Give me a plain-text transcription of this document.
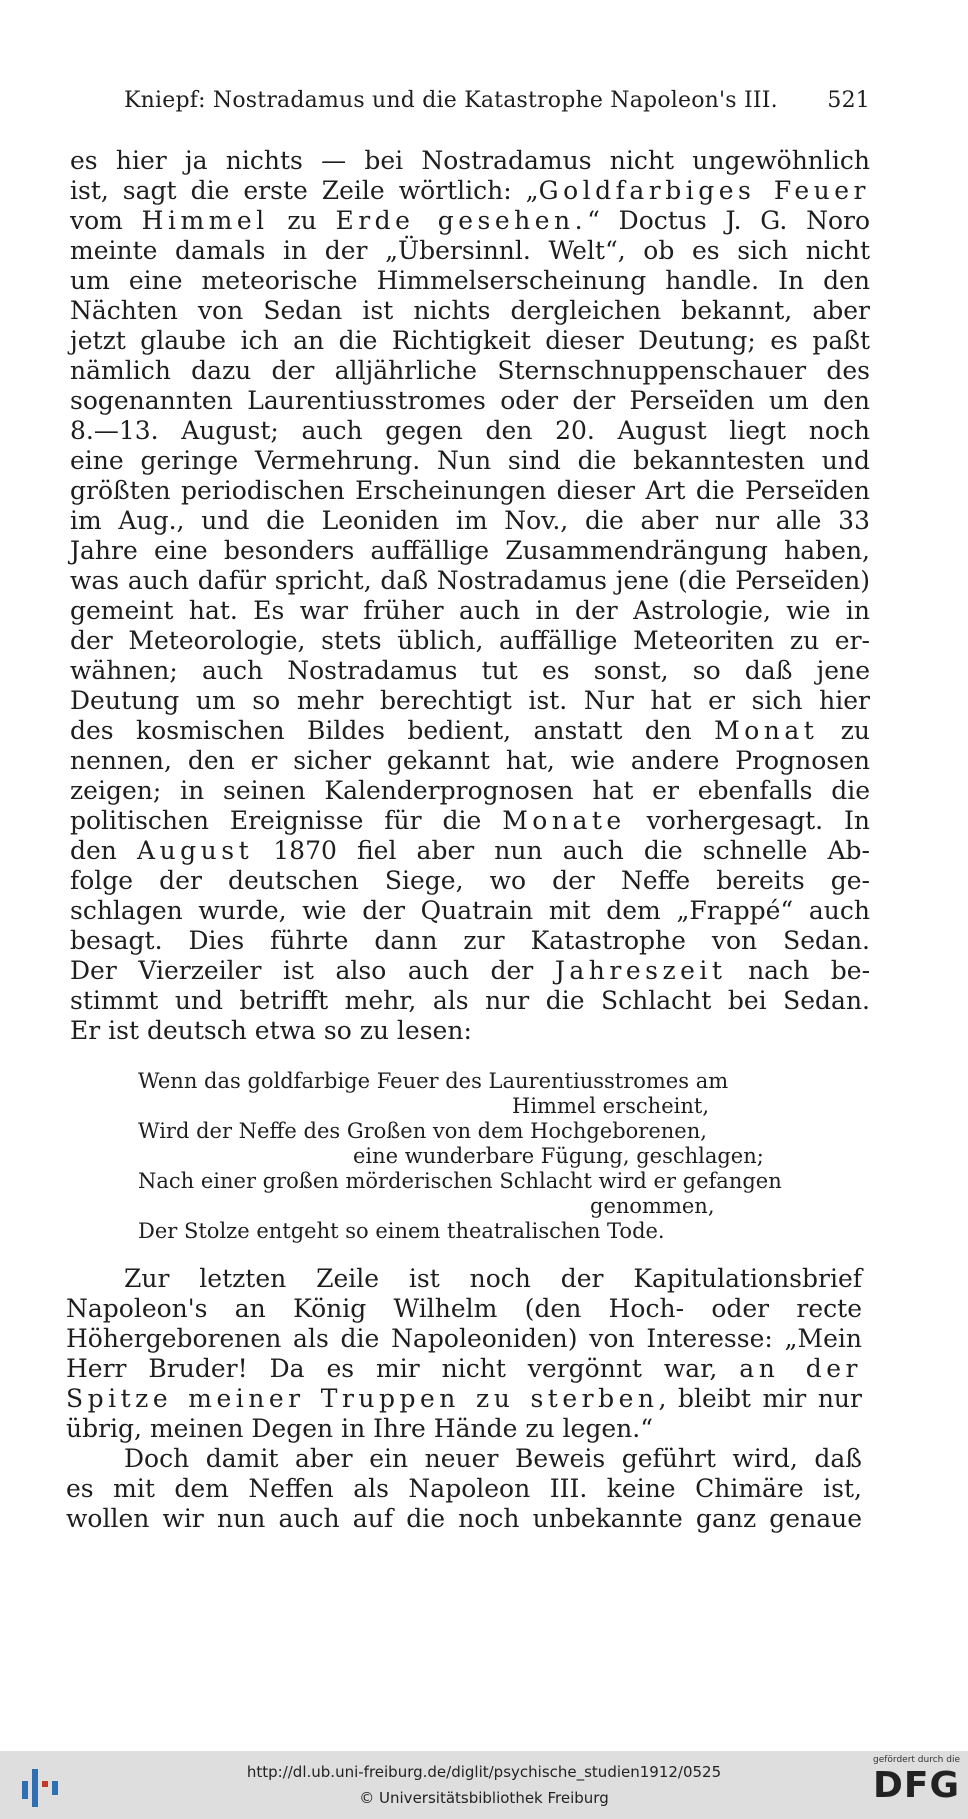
Kniepf: Nostradamus und die Katastrophe Napoleon's III. 521
es hier ja nichts — bei Nostradamus nicht ungewöhnlich
ist, sagt die erste Zeile wörtlich: „Goldfarbiges Feuer
vom Himmel zu Erde gesehen.“ Doctus J. G. Noro
meinte damals in der „Übersinnl. Welt“, ob es sich nicht
um eine meteorische Himmelserscheinung handle. In den
Nächten von Sedan ist nichts dergleichen bekannt, aber
jetzt glaube ich an die Richtigkeit dieser Deutung; es paßt
nämlich dazu der alljährliche Sternschnuppenschauer des
sogenannten Laurentiusstromes oder der Perseïden um den
8.—13. August; auch gegen den 20. August liegt noch
eine geringe Vermehrung. Nun sind die bekanntesten und
größten periodischen Erscheinungen dieser Art die Perseïden
im Aug., und die Leoniden im Nov., die aber nur alle 33
Jahre eine besonders auffällige Zusammendrängung haben,
was auch dafür spricht, daß Nostradamus jene (die Perseïden)
gemeint hat. Es war früher auch in der Astrologie, wie in
der Meteorologie, stets üblich, auffällige Meteoriten zu er-
wähnen; auch Nostradamus tut es sonst, so daß jene
Deutung um so mehr berechtigt ist. Nur hat er sich hier
des kosmischen Bildes bedient, anstatt den Monat zu
nennen, den er sicher gekannt hat, wie andere Prognosen
zeigen; in seinen Kalenderprognosen hat er ebenfalls die
politischen Ereignisse für die Monate vorhergesagt. In
den August 1870 fiel aber nun auch die schnelle Ab-
folge der deutschen Siege, wo der Neffe bereits ge-
schlagen wurde, wie der Quatrain mit dem „Frappé“ auch
besagt. Dies führte dann zur Katastrophe von Sedan.
Der Vierzeiler ist also auch der Jahreszeit nach be-
stimmt und betrifft mehr, als nur die Schlacht bei Sedan.
Er ist deutsch etwa so zu lesen:
Wenn das goldfarbige Feuer des Laurentiusstromes am
Himmel erscheint,
Wird der Neffe des Großen von dem Hochgeborenen,
eine wunderbare Fügung, geschlagen;
Nach einer großen mörderischen Schlacht wird er gefangen
genommen,
Der Stolze entgeht so einem theatralischen Tode.
Zur letzten Zeile ist noch der Kapitulationsbrief
Napoleon's an König Wilhelm (den Hoch- oder recte
Höhergeborenen als die Napoleoniden) von Interesse: „Mein
Herr Bruder! Da es mir nicht vergönnt war, an der
Spitze meiner Truppen zu sterben, bleibt mir nur
übrig, meinen Degen in Ihre Hände zu legen.“
Doch damit aber ein neuer Beweis geführt wird, daß
es mit dem Neffen als Napoleon III. keine Chimäre ist,
wollen wir nun auch auf die noch unbekannte ganz genaue
http://dl.ub.uni-freiburg.de/diglit/psychische_studien1912/0525
© Universitätsbibliothek Freiburg
gefördert durch die
DFG
